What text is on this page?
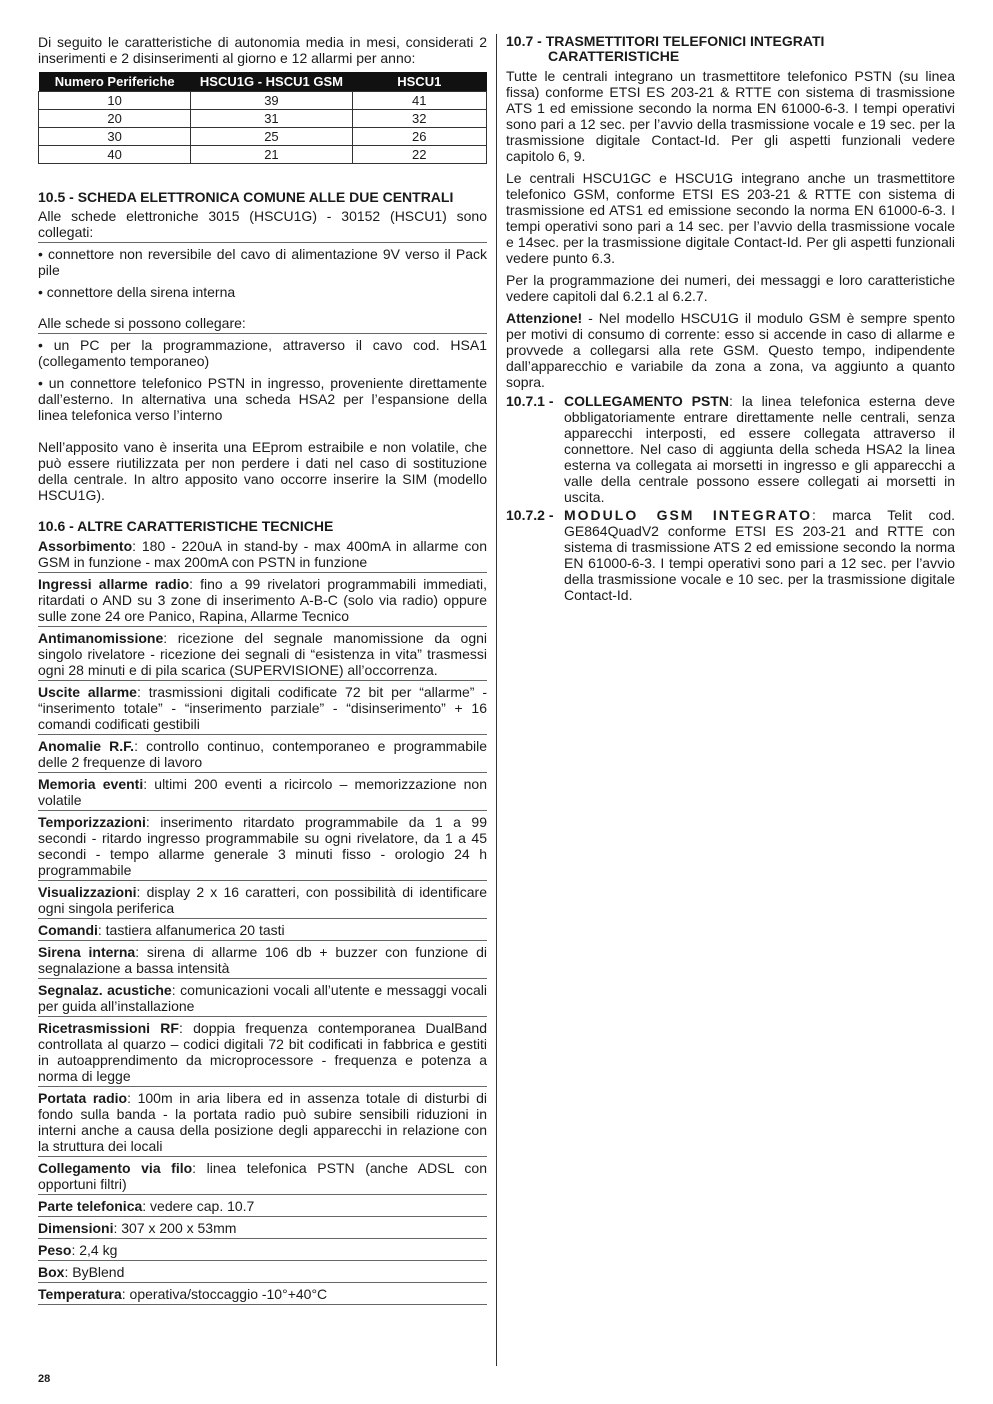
Di seguito le caratteristiche di autonomia media in mesi, considerati 2 inserimenti e 2 disinserimenti al giorno e 12 allarmi per anno:

Numero Periferiche	HSCU1G - HSCU1 GSM	HSCU1
10	39	41
20	31	32
30	25	26
40	21	22
10.5 - SCHEDA ELETTRONICA COMUNE ALLE DUE CENTRALI

Alle schede elettroniche 3015 (HSCU1G) - 30152 (HSCU1) sono collegati:

• connettore non reversibile del cavo di alimentazione 9V verso il Pack pile

• connettore della sirena interna

Alle schede si possono collegare:

• un PC per la programmazione, attraverso il cavo cod. HSA1 (collegamento temporaneo)

• un connettore telefonico PSTN in ingresso, proveniente direttamente dall’esterno. In alternativa una scheda HSA2 per l’espansione della linea telefonica verso l’interno

Nell’apposito vano è inserita una EEprom estraibile e non volatile, che può essere riutilizzata per non perdere i dati nel caso di sostituzione della centrale. In altro apposito vano occorre inserire la SIM (modello HSCU1G).

10.6 - ALTRE CARATTERISTICHE TECNICHE

Assorbimento: 180 - 220uA in stand-by - max 400mA in allarme con GSM in funzione - max 200mA con PSTN in funzione

Ingressi allarme radio: fino a 99 rivelatori programmabili immediati, ritardati o AND su 3 zone di inserimento A-B-C (solo via radio) oppure sulle zone 24 ore Panico, Rapina, Allarme Tecnico

Antimanomissione: ricezione del segnale manomissione da ogni singolo rivelatore - ricezione dei segnali di “esistenza in vita” trasmessi ogni 28 minuti e di pila scarica (SUPERVISIONE) all’occorrenza.

Uscite allarme: trasmissioni digitali codificate 72 bit per “allarme” - “inserimento totale” - “inserimento parziale” - “disinserimento” + 16 comandi codificati gestibili

Anomalie R.F.: controllo continuo, contemporaneo e programmabile delle 2 frequenze di lavoro

Memoria eventi: ultimi 200 eventi a ricircolo – memorizzazione non volatile

Temporizzazioni: inserimento ritardato programmabile da 1 a 99 secondi - ritardo ingresso programmabile su ogni rivelatore, da 1 a 45 secondi - tempo allarme generale 3 minuti fisso - orologio 24 h programmabile

Visualizzazioni: display 2 x 16 caratteri, con possibilità di identificare ogni singola periferica

Comandi: tastiera alfanumerica 20 tasti

Sirena interna: sirena di allarme 106 db + buzzer con funzione di segnalazione a bassa intensità

Segnalaz. acustiche: comunicazioni vocali all’utente e messaggi vocali per guida all’installazione

Ricetrasmissioni RF: doppia frequenza contemporanea DualBand controllata al quarzo – codici digitali 72 bit codificati in fabbrica e gestiti in autoapprendimento da microprocessore - frequenza e potenza a norma di legge

Portata radio: 100m in aria libera ed in assenza totale di disturbi di fondo sulla banda - la portata radio può subire sensibili riduzioni in interni anche a causa della posizione degli apparecchi in relazione con la struttura dei locali

Collegamento via filo: linea telefonica PSTN (anche ADSL con opportuni filtri)

Parte telefonica: vedere cap. 10.7

Dimensioni: 307 x 200 x 53mm

Peso: 2,4 kg

Box: ByBlend

Temperatura: operativa/stoccaggio -10°+40°C

10.7 - TRASMETTITORI TELEFONICI INTEGRATI
CARATTERISTICHE

Tutte le centrali integrano un trasmettitore telefonico PSTN (su linea fissa) conforme ETSI ES 203-21 & RTTE con sistema di trasmissione ATS 1 ed emissione secondo la norma EN 61000-6-3. I tempi operativi sono pari a 12 sec. per l’avvio della trasmissione vocale e 19 sec. per la trasmissione digitale Contact-Id. Per gli aspetti funzionali vedere capitolo 6, 9.

Le centrali HSCU1GC e HSCU1G integrano anche un trasmettitore telefonico GSM, conforme ETSI ES 203-21 & RTTE con sistema di trasmissione ed ATS1 ed emissione secondo la norma EN 61000-6-3. I tempi operativi sono pari a 14 sec. per l’avvio della trasmissione vocale e 14sec. per la trasmissione digitale Contact-Id. Per gli aspetti funzionali vedere punto 6.3.

Per la programmazione dei numeri, dei messaggi e loro caratteristiche vedere capitoli dal 6.2.1 al 6.2.7.

Attenzione! - Nel modello HSCU1G il modulo GSM è sempre spento per motivi di consumo di corrente: esso si accende in caso di allarme e provvede a collegarsi alla rete GSM. Questo tempo, indipendente dall’apparecchio e variabile da zona a zona, va aggiunto a quanto sopra.

10.7.1 - COLLEGAMENTO PSTN: la linea telefonica esterna deve obbligatoriamente entrare direttamente nelle centrali, senza apparecchi interposti, ed essere collegata attraverso il connettore. Nel caso di aggiunta della scheda HSA2 la linea esterna va collegata ai morsetti in ingresso e gli apparecchi a valle della centrale possono essere collegati ai morsetti in uscita.
10.7.2 - MODULO GSM INTEGRATO: marca Telit cod. GE864QuadV2 conforme ETSI ES 203-21 and RTTE con sistema di trasmissione ATS 2 ed emissione secondo la norma EN 61000-6-3. I tempi operativi sono pari a 12 sec. per l’avvio della trasmissione vocale e 10 sec. per la trasmissione digitale Contact-Id.
28
